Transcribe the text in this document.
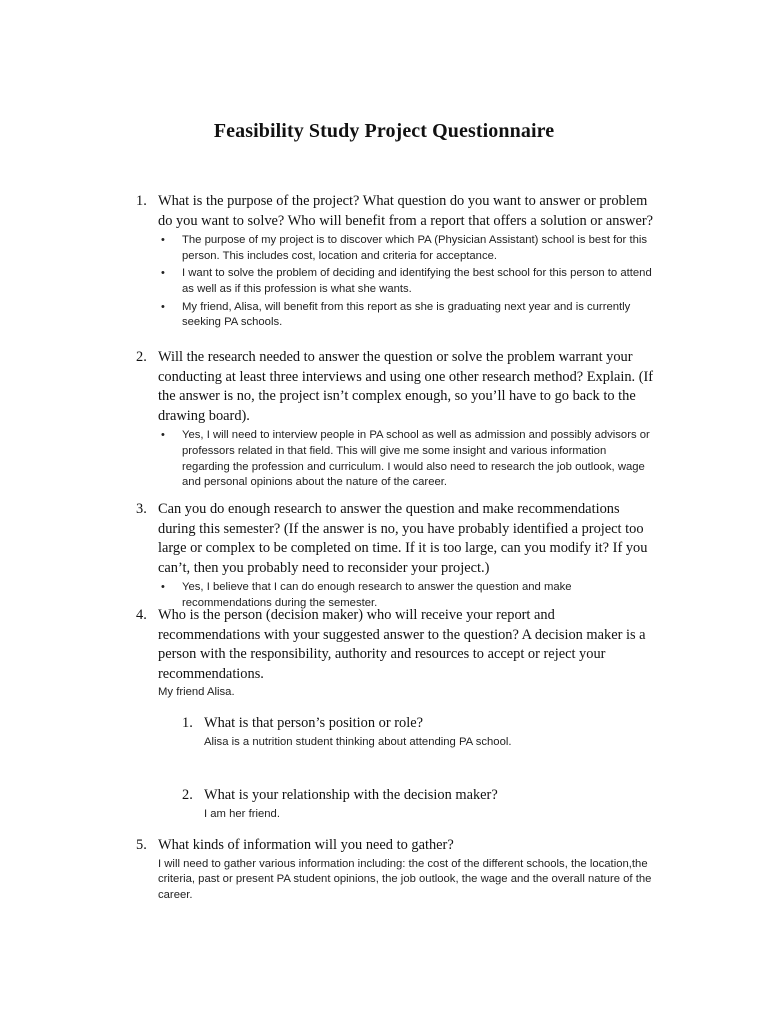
Feasibility Study Project Questionnaire
1. What is the purpose of the project? What question do you want to answer or problem do you want to solve? Who will benefit from a report that offers a solution or answer?
• The purpose of my project is to discover which PA (Physician Assistant) school is best for this person. This includes cost, location and criteria for acceptance.
• I want to solve the problem of deciding and identifying the best school for this person to attend as well as if this profession is what she wants.
• My friend, Alisa, will benefit from this report as she is graduating next year and is currently seeking PA schools.
2. Will the research needed to answer the question or solve the problem warrant your conducting at least three interviews and using one other research method? Explain. (If the answer is no, the project isn’t complex enough, so you’ll have to go back to the drawing board).
• Yes, I will need to interview people in PA school as well as admission and possibly advisors or professors related in that field. This will give me some insight and various information regarding the profession and curriculum. I would also need to research the job outlook, wage and personal opinions about the nature of the career.
3. Can you do enough research to answer the question and make recommendations during this semester? (If the answer is no, you have probably identified a project too large or complex to be completed on time. If it is too large, can you modify it? If you can’t, then you probably need to reconsider your project.)
• Yes, I believe that I can do enough research to answer the question and make recommendations during the semester.
4. Who is the person (decision maker) who will receive your report and recommendations with your suggested answer to the question? A decision maker is a person with the responsibility, authority and resources to accept or reject your recommendations.
My friend Alisa.
1. What is that person’s position or role?
Alisa is a nutrition student thinking about attending PA school.
2. What is your relationship with the decision maker?
I am her friend.
5. What kinds of information will you need to gather?
I will need to gather various information including: the cost of the different schools, the location,the criteria, past or present PA student opinions, the job outlook, the wage and the overall nature of the career.
